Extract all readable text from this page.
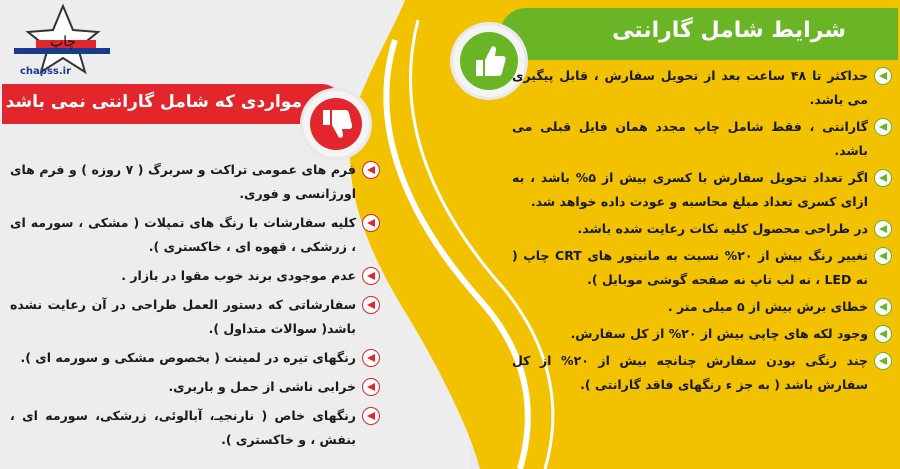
چاپ
chapss.ir
شرایط شامل گارانتی
مواردی که شامل گارانتی نمی باشد
حداکثر تا ۴۸ ساعت بعد از تحویل سفارش ، قابل پیگیری می باشد.
گارانتی ، فقط شامل چاپ مجدد همان فایل قبلی می باشد.
اگر تعداد تحویل سفارش با کسری بیش از ۵% باشد ، به ازای کسری تعداد مبلغ محاسبه و عودت داده خواهد شد.
در طراحی محصول کلیه نکات رعایت شده باشد.
تغییر رنگ بیش از ۲۰% نسبت به مانیتور های CRT چاپ ( نه LED ، نه لب تاپ نه صفحه گوشی موبایل ).
خطای برش بیش از ۵ میلی متر .
وجود لکه های چاپی بیش از ۲۰% از کل سفارش.
چند رنگی بودن سفارش چنانچه بیش از ۲۰% از کل سفارش باشد ( به جز ء رنگهای فاقد گارانتی ).
فرم های عمومی تراکت و سربرگ ( ۷ روزه ) و فرم های اورژانسی و فوری.
کلیه سفارشات با رنگ های تمپلات ( مشکی ، سورمه ای ، زرشکی ، قهوه ای ، خاکستری ).
عدم موجودی برند خوب مقوا در بازار .
سفارشاتی که دستور العمل طراحی در آن رعایت نشده باشد( سوالات متداول ).
رنگهای تیره در لمینت ( بخصوص مشکی و سورمه ای ).
خرابی ناشی از حمل و باربری.
رنگهای خاص ( نارنجیـ، آبالوئی، زرشکی، سورمه ای ، بنفش ، و خاکستری ).
